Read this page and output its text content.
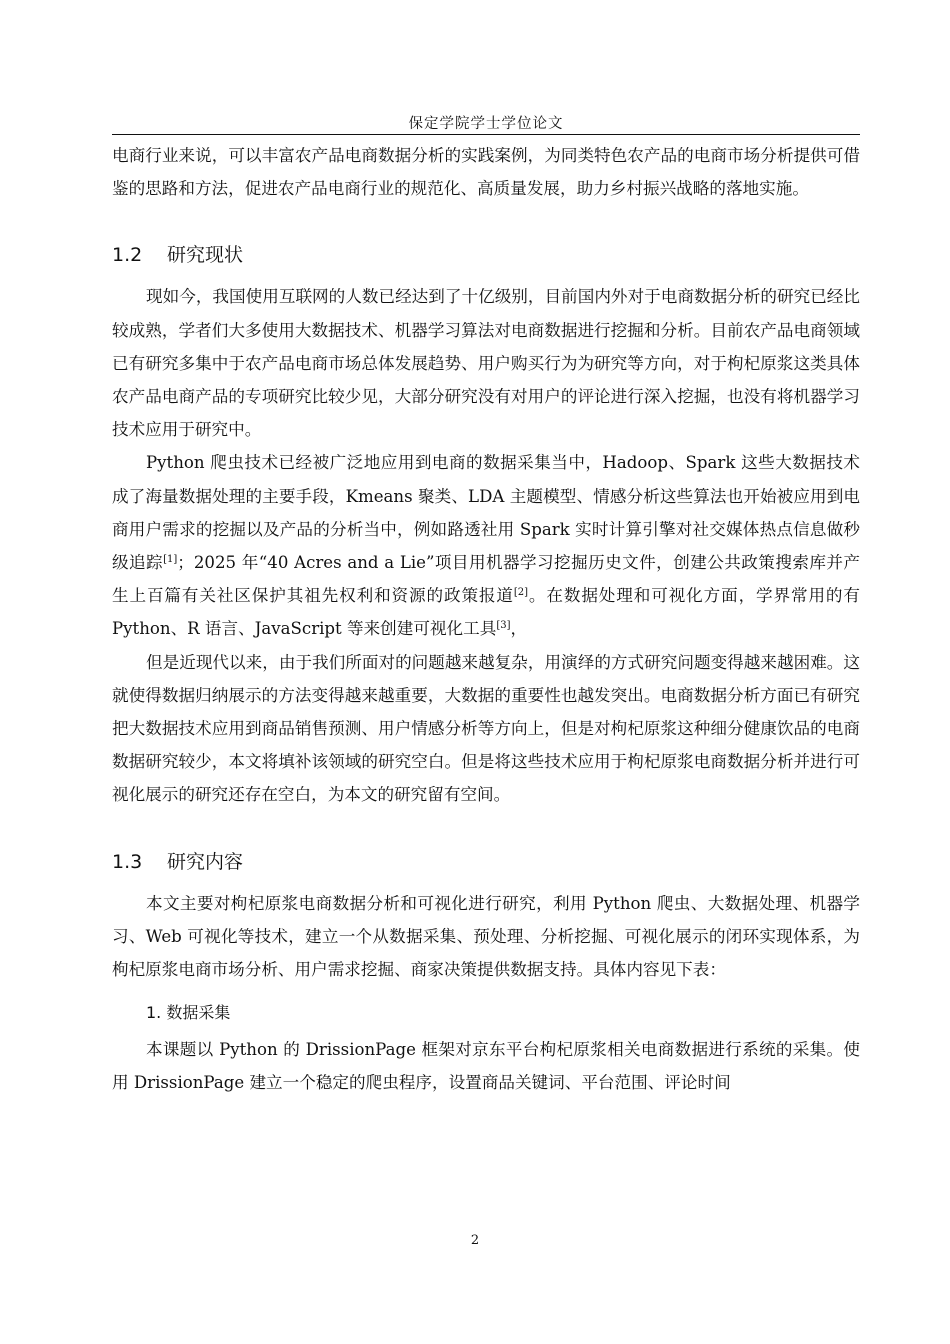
保定学院学士学位论文

电商行业来说，可以丰富农产品电商数据分析的实践案例，为同类特色农产品的电商市场分析提供可借鉴的思路和方法，促进农产品电商行业的规范化、高质量发展，助力乡村振兴战略的落地实施。

1.2 研究现状

现如今，我国使用互联网的人数已经达到了十亿级别，目前国内外对于电商数据分析的研究已经比较成熟，学者们大多使用大数据技术、机器学习算法对电商数据进行挖掘和分析。目前农产品电商领域已有研究多集中于农产品电商市场总体发展趋势、用户购买行为为研究等方向，对于枸杞原浆这类具体农产品电商产品的专项研究比较少见，大部分研究没有对用户的评论进行深入挖掘，也没有将机器学习技术应用于研究中。

Python 爬虫技术已经被广泛地应用到电商的数据采集当中，Hadoop、Spark 这些大数据技术成了海量数据处理的主要手段，Kmeans 聚类、LDA 主题模型、情感分析这些算法也开始被应用到电商用户需求的挖掘以及产品的分析当中，例如路透社用 Spark 实时计算引擎对社交媒体热点信息做秒级追踪[1]；2025 年“40 Acres and a Lie”项目用机器学习挖掘历史文件，创建公共政策搜索库并产生上百篇有关社区保护其祖先权利和资源的政策报道[2]。在数据处理和可视化方面，学界常用的有 Python、R 语言、JavaScript 等来创建可视化工具[3]，

但是近现代以来，由于我们所面对的问题越来越复杂，用演绎的方式研究问题变得越来越困难。这就使得数据归纳展示的方法变得越来越重要，大数据的重要性也越发突出。电商数据分析方面已有研究把大数据技术应用到商品销售预测、用户情感分析等方向上，但是对枸杞原浆这种细分健康饮品的电商数据研究较少，本文将填补该领域的研究空白。但是将这些技术应用于枸杞原浆电商数据分析并进行可视化展示的研究还存在空白，为本文的研究留有空间。

1.3 研究内容

本文主要对枸杞原浆电商数据分析和可视化进行研究，利用 Python 爬虫、大数据处理、机器学习、Web 可视化等技术，建立一个从数据采集、预处理、分析挖掘、可视化展示的闭环实现体系，为枸杞原浆电商市场分析、用户需求挖掘、商家决策提供数据支持。具体内容见下表：

1. 数据采集

本课题以 Python 的 DrissionPage 框架对京东平台枸杞原浆相关电商数据进行系统的采集。使用 DrissionPage 建立一个稳定的爬虫程序，设置商品关键词、平台范围、评论时间

2
